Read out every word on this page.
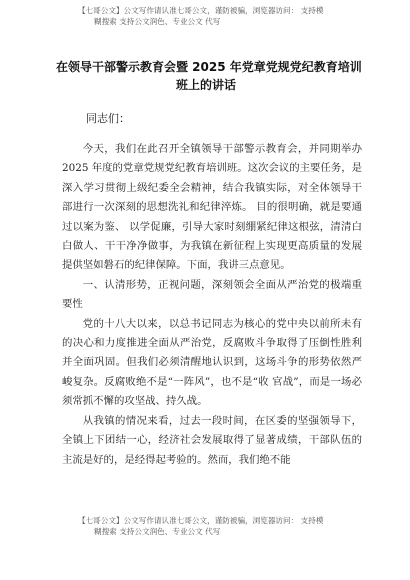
【七哥公文】公文写作请认准七哥公文，谨防被骗，浏览器访问： 支持模
糊搜索 支持公文润色、专业公文 代写
在领导干部警示教育会暨 2025 年党章党规党纪教育培训
班上的讲话
同志们：

今天，我们在此召开全镇领导干部警示教育会，并同期举办 2025 年度的党章党规党纪教育培训班。这次会议的主要任务，是深入学习贯彻上级纪委全会精神，结合我镇实际，对全体领导干部进行一次深刻的思想洗礼和纪律淬炼。 目的很明确，就是要通过以案为鉴、 以学促廉，引导大家时刻绷紧纪律这根弦，清清白白做人、干干净净做事，为我镇在新征程上实现更高质量的发展提供坚如磐石的纪律保障。下面，我讲三点意见。

一、认清形势，正视问题，深刻领会全面从严治党的极端重要性

党的十八大以来，以总书记同志为核心的党中央以前所未有的决心和力度推进全面从严治党，反腐败斗争取得了压倒性胜利并全面巩固。但我们必须清醒地认识到，这场斗争的形势依然严峻复杂。反腐败绝不是“一阵风”，也不是“收 官战”，而是一场必须常抓不懈的攻坚战、持久战。

从我镇的情况来看，过去一段时间，在区委的坚强领导下，全镇上下团结一心，经济社会发展取得了显著成绩，干部队伍的主流是好的，是经得起考验的。然而，我们绝不能

【七哥公文】公文写作请认准七哥公文，谨防被骗，浏览器访问： 支持模
糊搜索 支持公文润色、专业公文 代写
